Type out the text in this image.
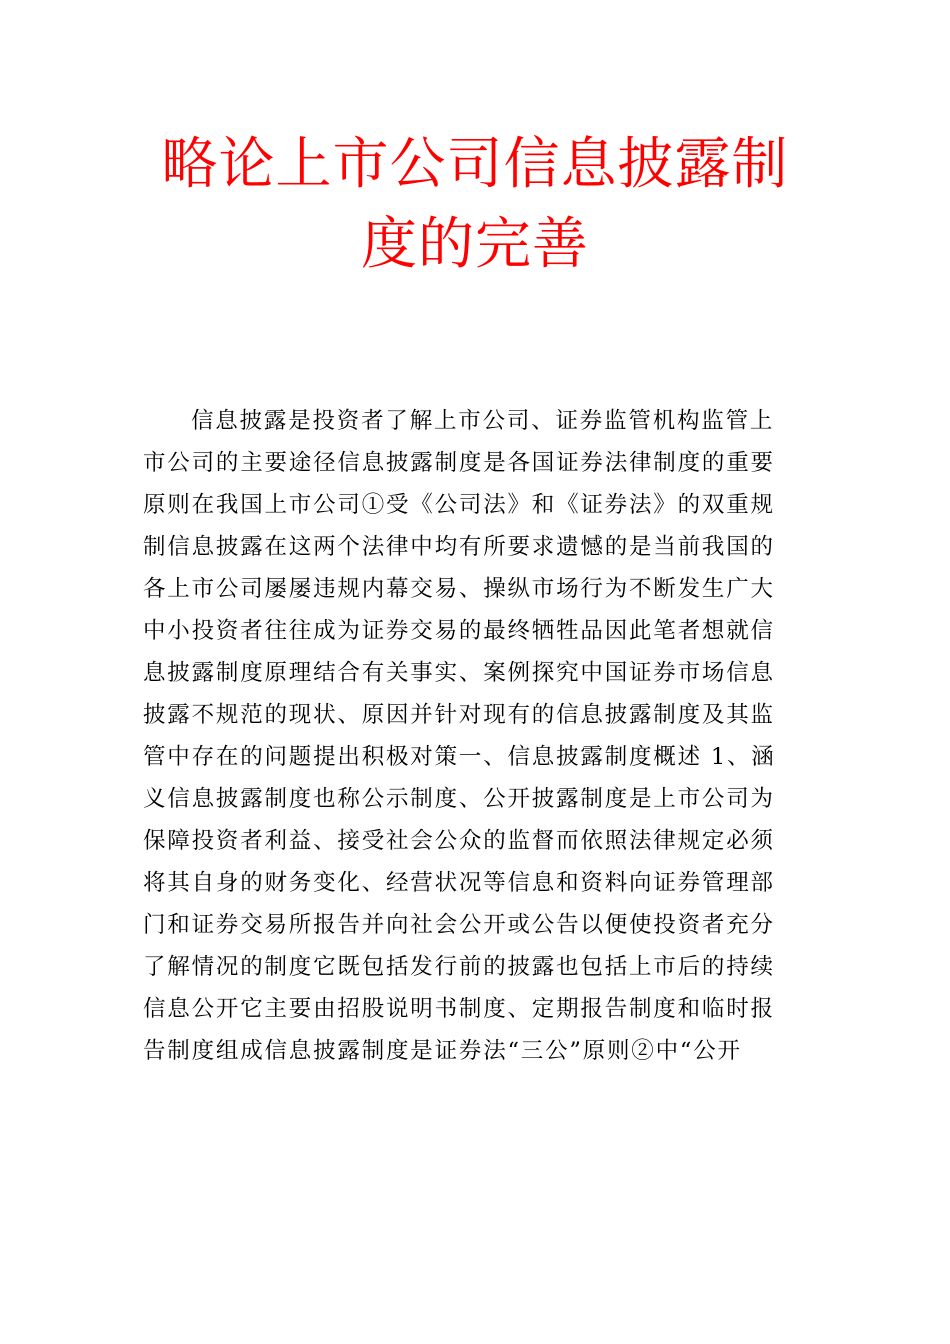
略论上市公司信息披露制
度的完善
信息披露是投资者了解上市公司、证券监管机构监管上
市公司的主要途径信息披露制度是各国证券法律制度的重要
原则在我国上市公司①受《公司法》和《证券法》的双重规
制信息披露在这两个法律中均有所要求遗憾的是当前我国的
各上市公司屡屡违规内幕交易、操纵市场行为不断发生广大
中小投资者往往成为证券交易的最终牺牲品因此笔者想就信
息披露制度原理结合有关事实、案例探究中国证券市场信息
披露不规范的现状、原因并针对现有的信息披露制度及其监
管中存在的问题提出积极对策一、信息披露制度概述 1、涵
义信息披露制度也称公示制度、公开披露制度是上市公司为
保障投资者利益、接受社会公众的监督而依照法律规定必须
将其自身的财务变化、经营状况等信息和资料向证券管理部
门和证券交易所报告并向社会公开或公告以便使投资者充分
了解情况的制度它既包括发行前的披露也包括上市后的持续
信息公开它主要由招股说明书制度、定期报告制度和临时报
告制度组成信息披露制度是证券法“三公”原则②中“公开
